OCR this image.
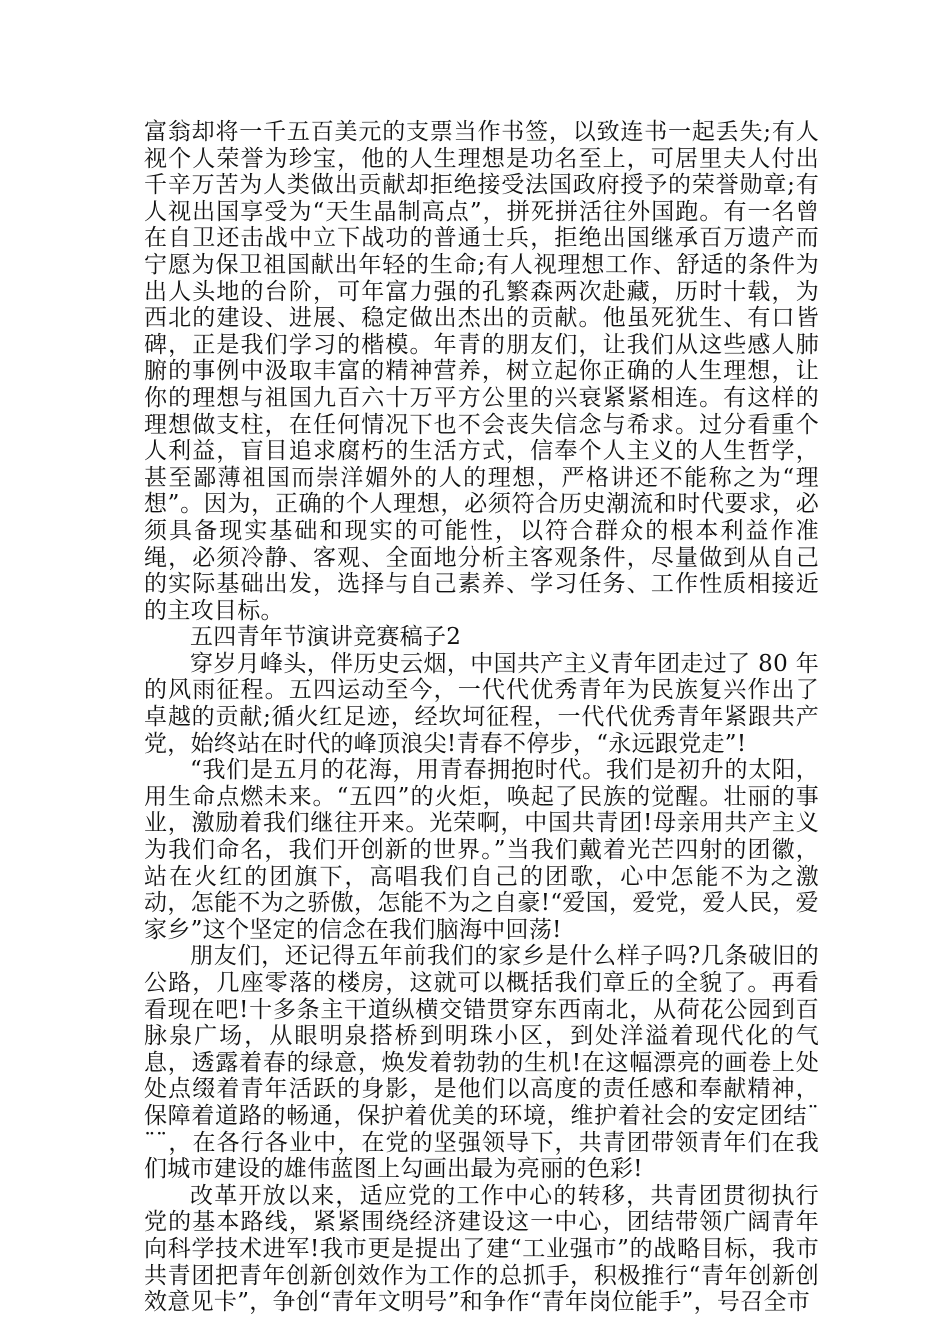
富翁却将一千五百美元的支票当作书签，以致连书一起丢失;有人视个人荣誉为珍宝，他的人生理想是功名至上，可居里夫人付出千辛万苦为人类做出贡献却拒绝接受法国政府授予的荣誉勋章;有人视出国享受为“天生晶制高点”，拼死拼活往外国跑。有一名曾在自卫还击战中立下战功的普通士兵，拒绝出国继承百万遗产而宁愿为保卫祖国献出年轻的生命;有人视理想工作、舒适的条件为出人头地的台阶，可年富力强的孔繁森两次赴藏，历时十载，为西北的建设、进展、稳定做出杰出的贡献。他虽死犹生、有口皆碑，正是我们学习的楷模。年青的朋友们，让我们从这些感人肺腑的事例中汲取丰富的精神营养，树立起你正确的人生理想，让你的理想与祖国九百六十万平方公里的兴衰紧紧相连。有这样的理想做支柱，在任何情况下也不会丧失信念与希求。过分看重个人利益，盲目追求腐朽的生活方式，信奉个人主义的人生哲学，甚至鄙薄祖国而崇洋媚外的人的理想，严格讲还不能称之为“理想”。因为，正确的个人理想，必须符合历史潮流和时代要求，必须具备现实基础和现实的可能性，以符合群众的根本利益作准绳，必须冷静、客观、全面地分析主客观条件，尽量做到从自己的实际基础出发，选择与自己素养、学习任务、工作性质相接近的主攻目标。

五四青年节演讲竞赛稿子2

穿岁月峰头，伴历史云烟，中国共产主义青年团走过了 80 年的风雨征程。五四运动至今，一代代优秀青年为民族复兴作出了卓越的贡献;循火红足迹，经坎坷征程，一代代优秀青年紧跟共产党，始终站在时代的峰顶浪尖!青春不停步，“永远跟党走”!

“我们是五月的花海，用青春拥抱时代。我们是初升的太阳，用生命点燃未来。“五四”的火炬，唤起了民族的觉醒。壮丽的事业，激励着我们继往开来。光荣啊，中国共青团!母亲用共产主义为我们命名，我们开创新的世界。”当我们戴着光芒四射的团徽，站在火红的团旗下，高唱我们自己的团歌，心中怎能不为之激动，怎能不为之骄傲，怎能不为之自豪!“爱国，爱党，爱人民，爱家乡”这个坚定的信念在我们脑海中回荡!

朋友们，还记得五年前我们的家乡是什么样子吗?几条破旧的公路，几座零落的楼房，这就可以概括我们章丘的全貌了。再看看现在吧!十多条主干道纵横交错贯穿东西南北，从荷花公园到百脉泉广场，从眼明泉搭桥到明珠小区，到处洋溢着现代化的气息，透露着春的绿意，焕发着勃勃的生机!在这幅漂亮的画卷上处处点缀着青年活跃的身影，是他们以高度的责任感和奉献精神，保障着道路的畅通，保护着优美的环境，维护着社会的安定团结¨¨¨，在各行各业中，在党的坚强领导下，共青团带领青年们在我们城市建设的雄伟蓝图上勾画出最为亮丽的色彩!

改革开放以来，适应党的工作中心的转移，共青团贯彻执行党的基本路线，紧紧围绕经济建设这一中心，团结带领广阔青年向科学技术进军!我市更是提出了建“工业强市”的战略目标，我市共青团把青年创新创效作为工作的总抓手，积极推行“青年创新创效意见卡”，争创“青年文明号”和争作“青年岗位能手”，号召全市
